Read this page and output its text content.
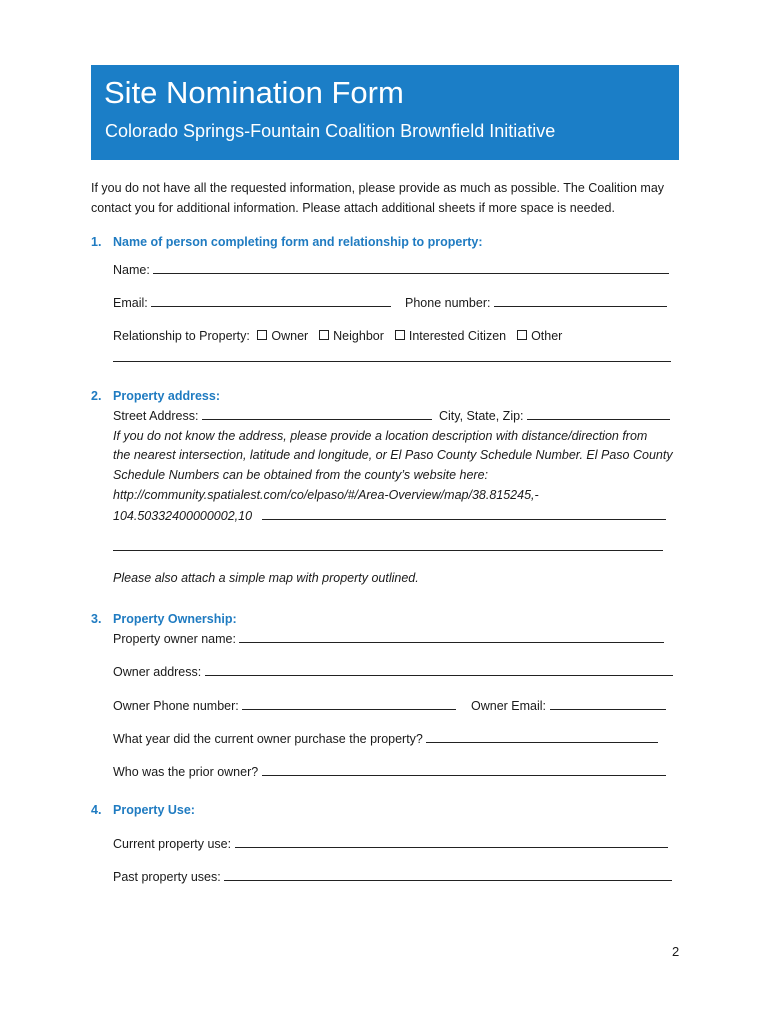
Site Nomination Form
Colorado Springs-Fountain Coalition Brownfield Initiative
If you do not have all the requested information, please provide as much as possible. The Coalition may
contact you for additional information. Please attach additional sheets if more space is needed.
1. Name of person completing form and relationship to property:
Name:
Email:	Phone number:
Relationship to Property: Owner Neighbor Interested Citizen Other
2. Property address:
Street Address:	City, State, Zip:
If you do not know the address, please provide a location description with distance/direction from
the nearest intersection, latitude and longitude, or El Paso County Schedule Number. El Paso County
Schedule Numbers can be obtained from the county’s website here:
http://community.spatialest.com/co/elpaso/#/Area-Overview/map/38.815245,-
104.50332400000002,10
Please also attach a simple map with property outlined.
3. Property Ownership:
Property owner name:
Owner address:
Owner Phone number:	Owner Email:
What year did the current owner purchase the property?
Who was the prior owner?
4. Property Use:
Current property use:
Past property uses:
2
